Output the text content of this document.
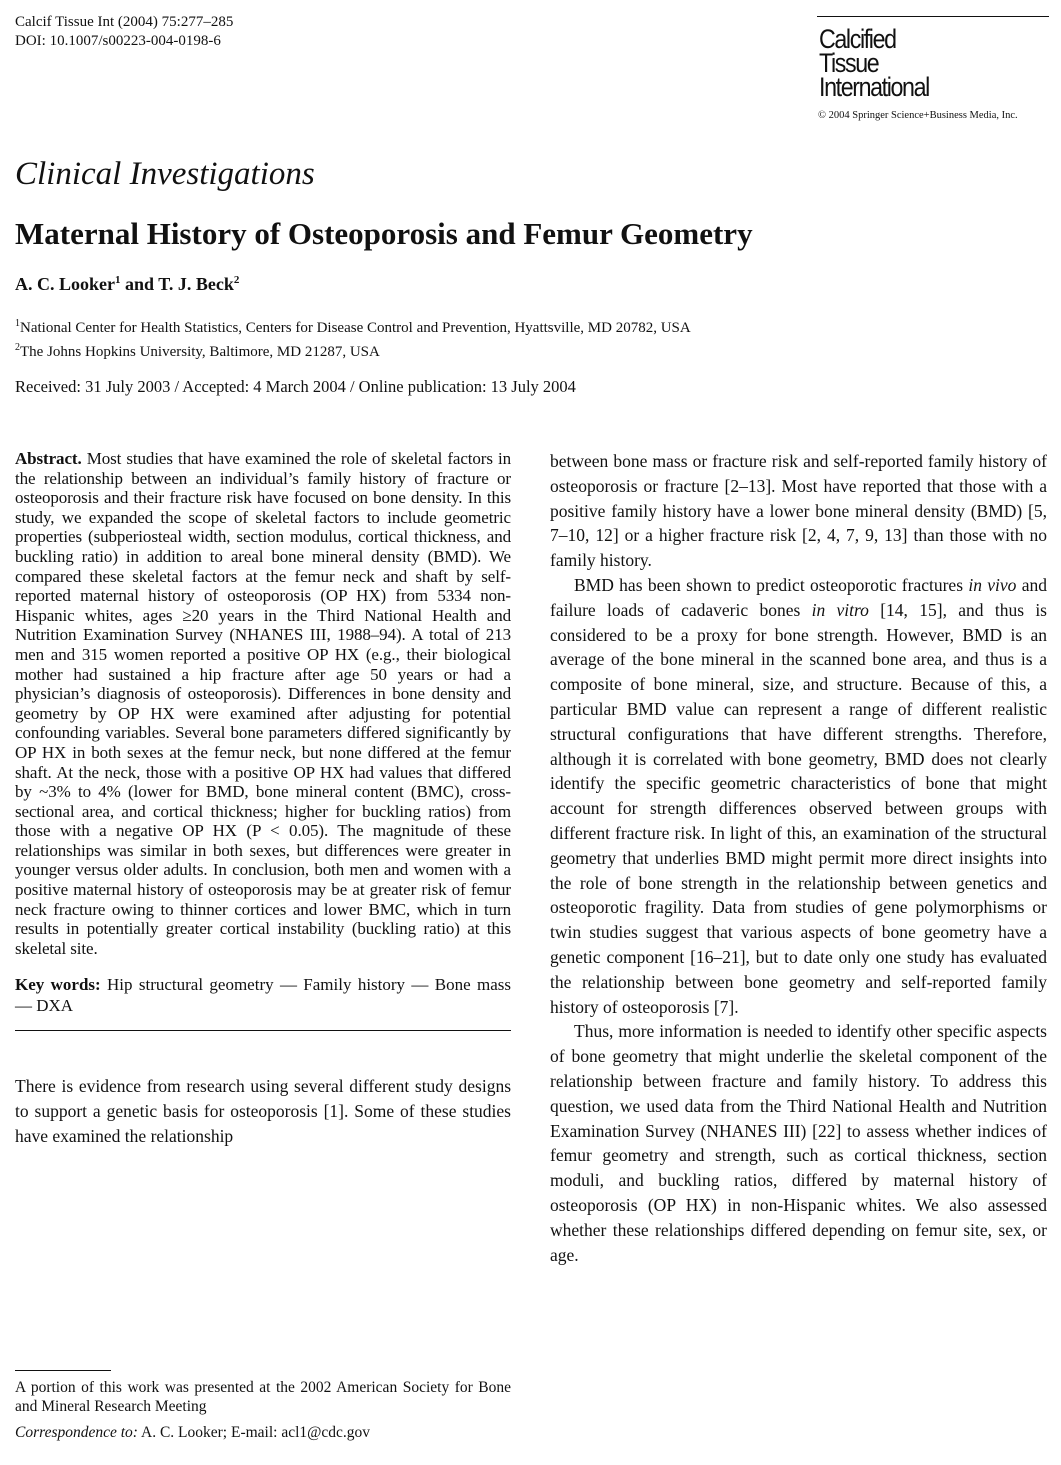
Calcif Tissue Int (2004) 75:277–285
DOI: 10.1007/s00223-004-0198-6	Calcified
Tissue
International
© 2004 Springer Science+Business Media, Inc.
Clinical Investigations
Maternal History of Osteoporosis and Femur Geometry
A. C. Looker$^1$ and T. J. Beck$^2$
$^1$National Center for Health Statistics, Centers for Disease Control and Prevention, Hyattsville, MD 20782, USA
$^2$The Johns Hopkins University, Baltimore, MD 21287, USA
Received: 31 July 2003 / Accepted: 4 March 2004 / Online publication: 13 July 2004

Abstract. Most studies that have examined the role of skeletal factors in the relationship between an individual’s family history of fracture or osteoporosis and their fracture risk have focused on bone density. In this study, we expanded the scope of skeletal factors to include geometric properties (subperiosteal width, section modulus, cortical thickness, and buckling ratio) in addition to areal bone mineral density (BMD). We compared these skeletal factors at the femur neck and shaft by self-reported maternal history of osteoporosis (OP HX) from 5334 non-Hispanic whites, ages ≥20 years in the Third National Health and Nutrition Examination Survey (NHANES III, 1988–94). A total of 213 men and 315 women reported a positive OP HX (e.g., their biological mother had sustained a hip fracture after age 50 years or had a physician’s diagnosis of osteoporosis). Differences in bone density and geometry by OP HX were examined after adjusting for potential confounding variables. Several bone parameters differed significantly by OP HX in both sexes at the femur neck, but none differed at the femur shaft. At the neck, those with a positive OP HX had values that differed by ~3% to 4% (lower for BMD, bone mineral content (BMC), cross-sectional area, and cortical thickness; higher for buckling ratios) from those with a negative OP HX (P < 0.05). The magnitude of these relationships was similar in both sexes, but differences were greater in younger versus older adults. In conclusion, both men and women with a positive maternal history of osteoporosis may be at greater risk of femur neck fracture owing to thinner cortices and lower BMC, which in turn results in potentially greater cortical instability (buckling ratio) at this skeletal site.

Key words: Hip structural geometry — Family history — Bone mass — DXA
There is evidence from research using several different study designs to support a genetic basis for osteoporosis [1]. Some of these studies have examined the relationship
A portion of this work was presented at the 2002 American Society for Bone and Mineral Research Meeting
Correspondence to: A. C. Looker; E-mail: acl1@cdc.gov

between bone mass or fracture risk and self-reported family history of osteoporosis or fracture [2–13]. Most have reported that those with a positive family history have a lower bone mineral density (BMD) [5, 7–10, 12] or a higher fracture risk [2, 4, 7, 9, 13] than those with no family history.

BMD has been shown to predict osteoporotic fractures in vivo and failure loads of cadaveric bones in vitro [14, 15], and thus is considered to be a proxy for bone strength. However, BMD is an average of the bone mineral in the scanned bone area, and thus is a composite of bone mineral, size, and structure. Because of this, a particular BMD value can represent a range of different realistic structural configurations that have different strengths. Therefore, although it is correlated with bone geometry, BMD does not clearly identify the specific geometric characteristics of bone that might account for strength differences observed between groups with different fracture risk. In light of this, an examination of the structural geometry that underlies BMD might permit more direct insights into the role of bone strength in the relationship between genetics and osteoporotic fragility. Data from studies of gene polymorphisms or twin studies suggest that various aspects of bone geometry have a genetic component [16–21], but to date only one study has evaluated the relationship between bone geometry and self-reported family history of osteoporosis [7].

Thus, more information is needed to identify other specific aspects of bone geometry that might underlie the skeletal component of the relationship between fracture and family history. To address this question, we used data from the Third National Health and Nutrition Examination Survey (NHANES III) [22] to assess whether indices of femur geometry and strength, such as cortical thickness, section moduli, and buckling ratios, differed by maternal history of osteoporosis (OP HX) in non-Hispanic whites. We also assessed whether these relationships differed depending on femur site, sex, or age.
